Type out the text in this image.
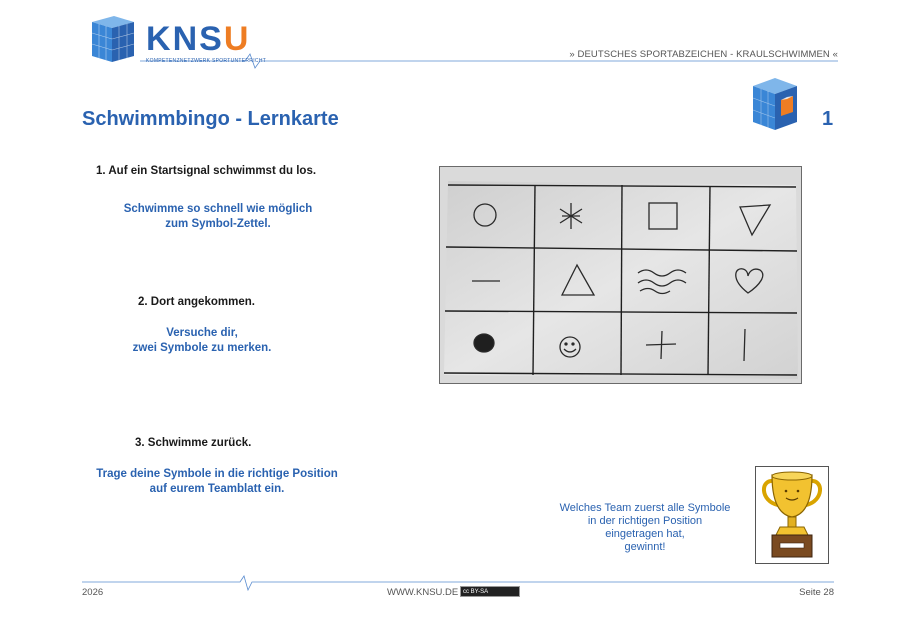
KNSU
KOMPETENZNETZWERK SPORTUNTERRICHT
» DEUTSCHES SPORTABZEICHEN - KRAULSCHWIMMEN «
Schwimmbingo - Lernkarte	1
1. Auf ein Startsignal schwimmst du los.
Schwimme so schnell wie möglich
zum Symbol-Zettel.
2. Dort angekommen.
Versuche dir,
zwei Symbole zu merken.
3. Schwimme zurück.
Trage deine Symbole in die richtige Position
auf eurem Teamblatt ein.
Welches Team zuerst alle Symbole
in der richtigen Position
eingetragen hat,
gewinnt!
2026	WWW.KNSU.DE cc BY-SA	Seite 28
